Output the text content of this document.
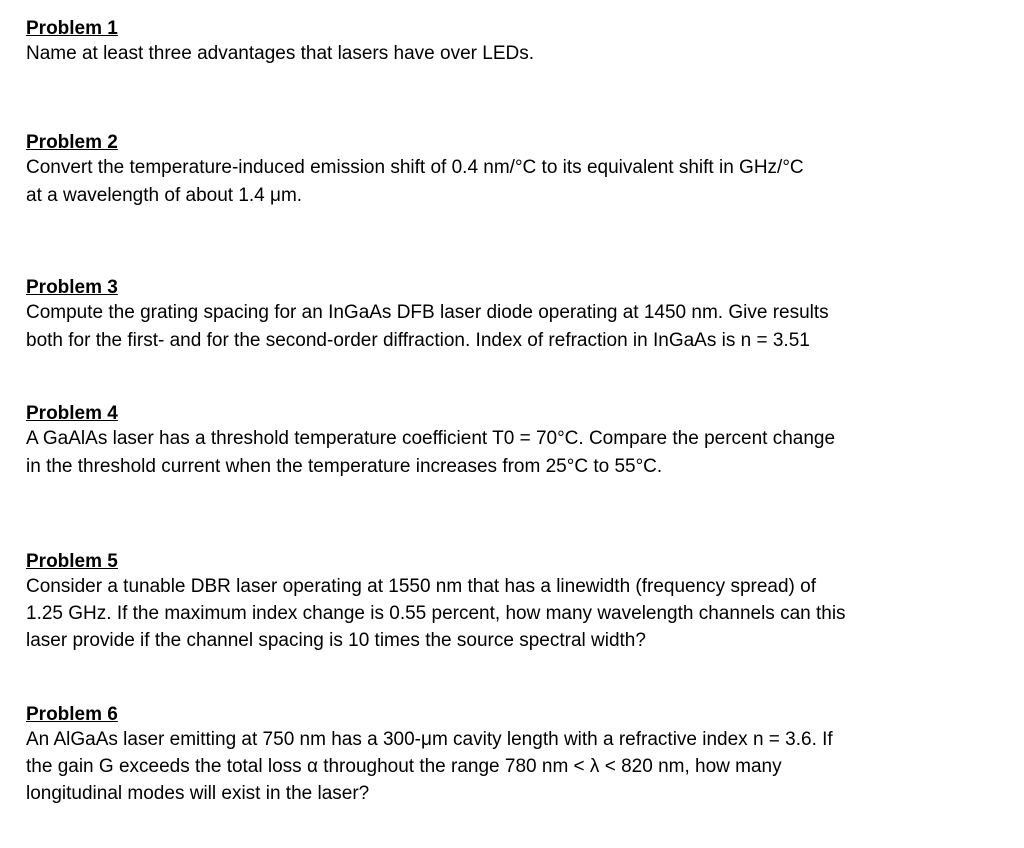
Problem 1

Name at least three advantages that lasers have over LEDs.

Problem 2

Convert the temperature-induced emission shift of 0.4 nm/°C to its equivalent shift in GHz/°C

at a wavelength of about 1.4 μm.

Problem 3

Compute the grating spacing for an InGaAs DFB laser diode operating at 1450 nm. Give results

both for the first- and for the second-order diffraction. Index of refraction in InGaAs is n = 3.51

Problem 4

A GaAlAs laser has a threshold temperature coefficient T0 = 70°C. Compare the percent change

in the threshold current when the temperature increases from 25°C to 55°C.

Problem 5

Consider a tunable DBR laser operating at 1550 nm that has a linewidth (frequency spread) of

1.25 GHz. If the maximum index change is 0.55 percent, how many wavelength channels can this

laser provide if the channel spacing is 10 times the source spectral width?

Problem 6

An AlGaAs laser emitting at 750 nm has a 300-μm cavity length with a refractive index n = 3.6. If

the gain G exceeds the total loss α throughout the range 780 nm < λ < 820 nm, how many

longitudinal modes will exist in the laser?
